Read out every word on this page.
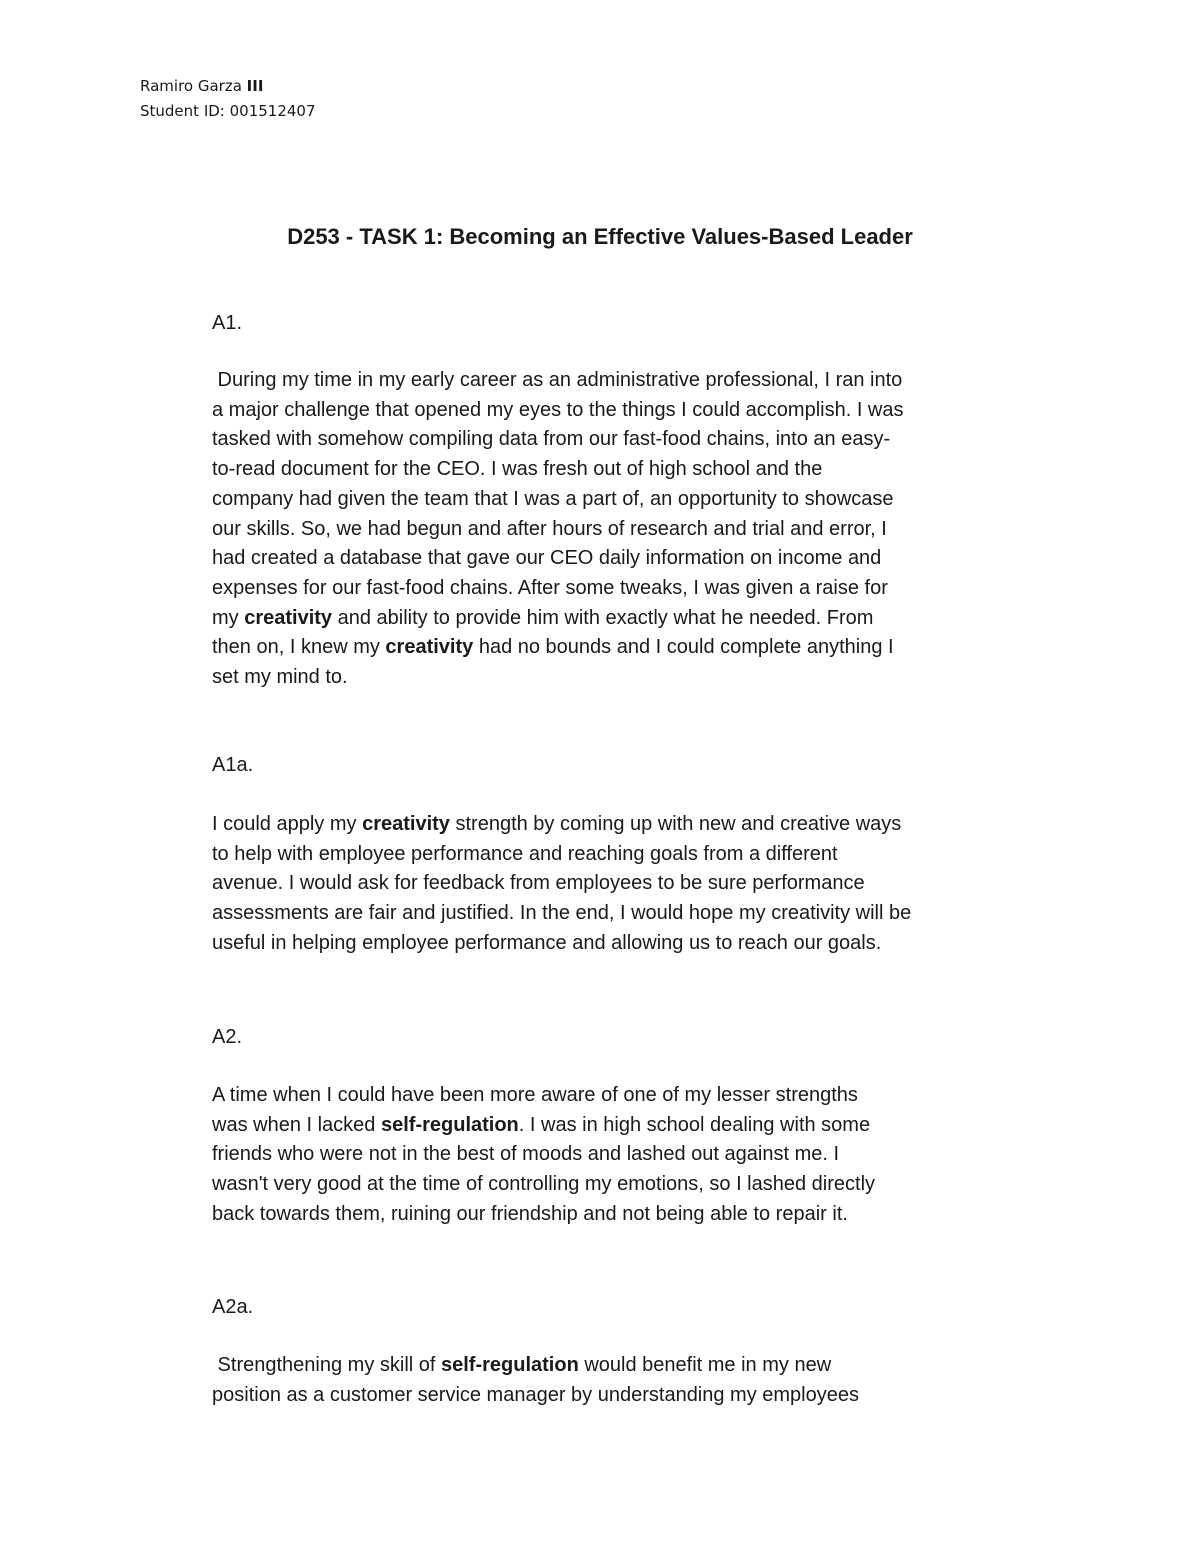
Ramiro Garza III
Student ID: 001512407
D253 - TASK 1: Becoming an Effective Values-Based Leader
A1.
During my time in my early career as an administrative professional, I ran into
a major challenge that opened my eyes to the things I could accomplish. I was
tasked with somehow compiling data from our fast-food chains, into an easy-
to-read document for the CEO. I was fresh out of high school and the
company had given the team that I was a part of, an opportunity to showcase
our skills. So, we had begun and after hours of research and trial and error, I
had created a database that gave our CEO daily information on income and
expenses for our fast-food chains. After some tweaks, I was given a raise for
my creativity and ability to provide him with exactly what he needed. From
then on, I knew my creativity had no bounds and I could complete anything I
set my mind to.
A1a.
I could apply my creativity strength by coming up with new and creative ways
to help with employee performance and reaching goals from a different
avenue. I would ask for feedback from employees to be sure performance
assessments are fair and justified. In the end, I would hope my creativity will be
useful in helping employee performance and allowing us to reach our goals.
A2.
A time when I could have been more aware of one of my lesser strengths
was when I lacked self-regulation. I was in high school dealing with some
friends who were not in the best of moods and lashed out against me. I
wasn't very good at the time of controlling my emotions, so I lashed directly
back towards them, ruining our friendship and not being able to repair it.
A2a.
Strengthening my skill of self-regulation would benefit me in my new
position as a customer service manager by understanding my employees
